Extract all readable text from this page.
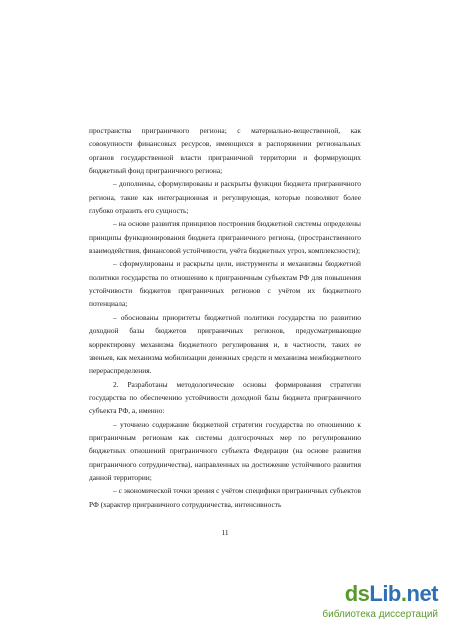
пространства приграничного региона; с материально-вещественной, как совокупности финансовых ресурсов, имеющихся в распоряжении региональных органов государственной власти приграничной территории и формирующих бюджетный фонд приграничного региона;

– дополнены, сформулированы и раскрыты функции бюджета приграничного региона, такие как интеграционная и регулирующая, которые позволяют более глубоко отразить его сущность;

– на основе развития принципов построения бюджетной системы определены принципы функционирования бюджета приграничного региона, (пространственного взаимодействия, финансовой устойчивости, учёта бюджетных угроз, комплексности);

– сформулированы и раскрыты цели, инструменты и механизмы бюджетной политики государства по отношению к приграничным субъектам РФ для повышения устойчивости бюджетов приграничных регионов с учётом их бюджетного потенциала;

– обоснованы приоритеты бюджетной политики государства по развитию доходной базы бюджетов приграничных регионов, предусматривающие корректировку механизма бюджетного регулирования и, в частности, таких ее звеньев, как механизма мобилизации денежных средств и механизма межбюджетного перераспределения.

2. Разработаны методологические основы формирования стратегии государства по обеспечению устойчивости доходной базы бюджета приграничного субъекта РФ, а, именно:

– уточнено содержание бюджетной стратегии государства по отношению к приграничным регионам как системы долгосрочных мер по регулированию бюджетных отношений приграничного субъекта Федерации (на основе развития приграничного сотрудничества), направленных на достижение устойчивого развития данной территории;

– с экономической точки зрения с учётом специфики приграничных субъектов РФ (характер приграничного сотрудничества, интенсивность

11
dsLib.net
библиотека диссертаций
